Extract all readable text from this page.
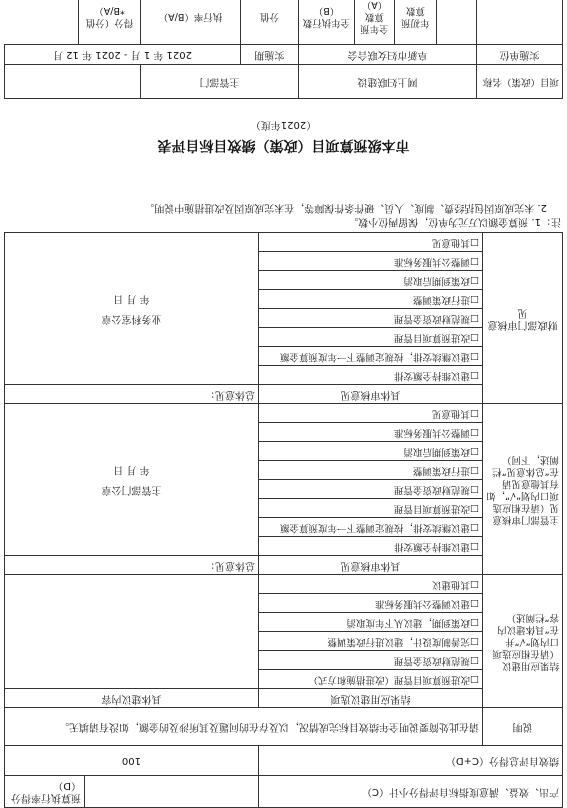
产出、效益、满意度指标自评得分小计（C）			预算执行率得分（D）
绩效自评总得分（C+D）		100	
说明	请在此处简要说明全年绩效目标完成情况，以及存在的问题及其所涉及的金额，如没有请填无。		
结果应用建议（请在相应选项口内划“√”并在“具体建议内容”栏阐述）	结果应用建议选项	具体建议内容	
	□改进预算项目管理（改进措施和方式）		
	□规范财政资金管理		
	□完善制度设计，建议进行政策调整		
	□政策到期，建议从下年度取消		
	□建议调整公共服务标准		
	□其他建议		
主管部门审核意见（请在相应选项口内划“√”，如有其他意见请在“总体意见”栏阐述，下同）	具体审核意见	总体意见：	
	□建议维持全额安排	主管部门公章
年 月 日	

	□建议继续安排，按规定调整下一年度预算金额		
	□改进预算项目管理		
	□规范财政资金管理		
	□进行政策调整		
	□政策到期后取消		
	□调整公共服务标准		
	□其他意见		
财政部门审核意见	具体审核意见	总体意见：	
	□建议维持全额安排	业务科室公章
年 月 日	

	□建议继续安排，按规定调整下一年度预算金额		
	□改进预算项目管理		
	□规范财政资金管理		
	□进行政策调整		
	□政策到期后取消		
	□调整公共服务标准		
	□其他意见		
注：1. 预算金额以万元为单位，保留两位小数。
2. 未完成原因包括经费、制度、人员、硬件条件保障等，在未完成原因及改进措施中说明。
市本级预算项目（政策）绩效目标自评表
（2021年度）
项目（政策）名称	网上妇联建设				主管部门		
实施单位	阜新市妇女联合会				实施期	2021 年 1 月 - 2021 年 12 月	
		年初预算数	全年预算数（A）	全年执行数（B）	分值	执行率（B/A）	得分（分值*B/A）
